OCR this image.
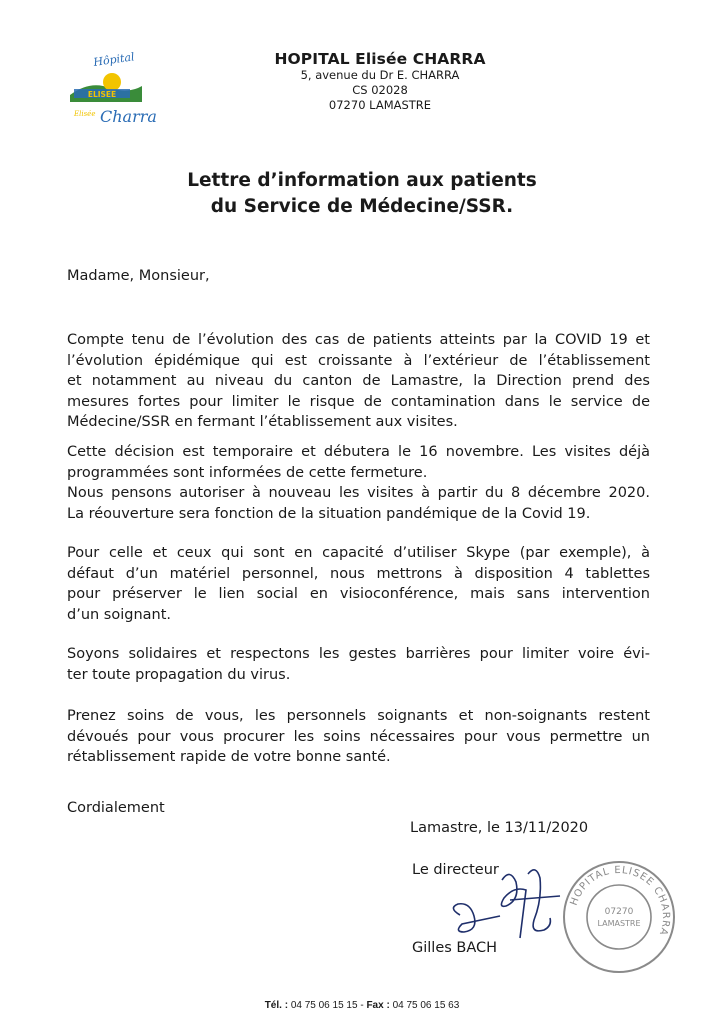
Hôpital
ELISEE
Elisée Charra
HOPITAL Elisée CHARRA
5, avenue du Dr E. CHARRA
CS 02028
07270 LAMASTRE
Lettre d’information aux patients
du Service de Médecine/SSR.
Madame, Monsieur,

Compte tenu de l’évolution des cas de patients atteints par la COVID 19 et
l’évolution épidémique qui est croissante à l’extérieur de l’établissement
et notamment au niveau du canton de Lamastre, la Direction prend des
mesures fortes pour limiter le risque de contamination dans le service de
Médecine/SSR en fermant l’établissement aux visites.

Cette décision est temporaire et débutera le 16 novembre. Les visites déjà
programmées sont informées de cette fermeture.
Nous pensons autoriser à nouveau les visites à partir du 8 décembre 2020.
La réouverture sera fonction de la situation pandémique de la Covid 19.

Pour celle et ceux qui sont en capacité d’utiliser Skype (par exemple), à
défaut d’un matériel personnel, nous mettrons à disposition 4 tablettes
pour préserver le lien social en visioconférence, mais sans intervention
d’un soignant.

Soyons solidaires et respectons les gestes barrières pour limiter voire évi-
ter toute propagation du virus.

Prenez soins de vous, les personnels soignants et non-soignants restent
dévoués pour vous procurer les soins nécessaires pour vous permettre un
rétablissement rapide de votre bonne santé.

Cordialement
Lamastre, le 13/11/2020
Le directeur
Gilles BACH
HOPITAL ELISEE CHARRA
07270
LAMASTRE
Tél. : 04 75 06 15 15 - Fax : 04 75 06 15 63
